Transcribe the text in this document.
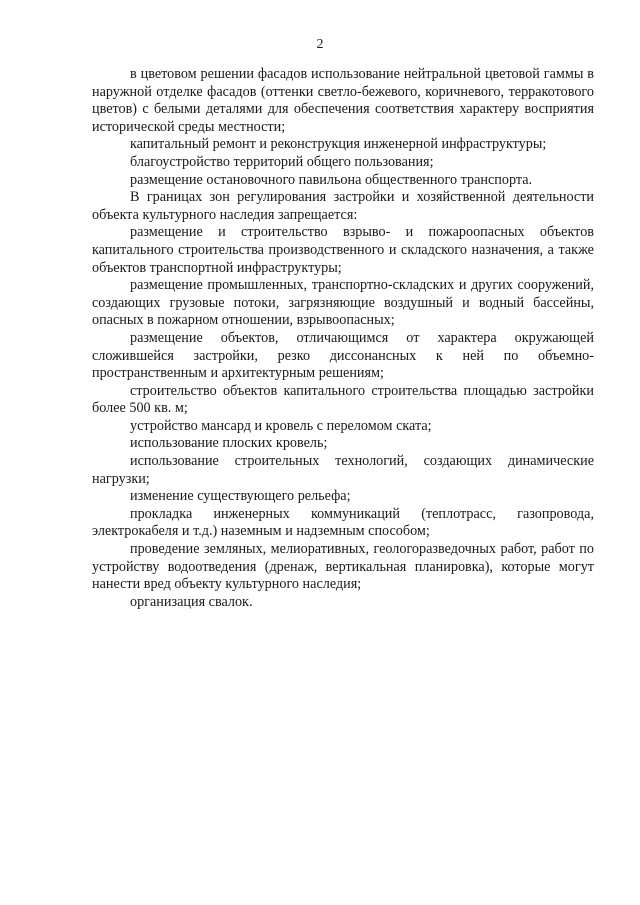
2

в цветовом решении фасадов использование нейтральной цветовой гаммы в наружной отделке фасадов (оттенки светло-бежевого, коричневого, терракотового цветов) с белыми деталями для обеспечения соответствия характеру восприятия исторической среды местности;

капитальный ремонт и реконструкция инженерной инфраструктуры;

благоустройство территорий общего пользования;

размещение остановочного павильона общественного транспорта.

В границах зон регулирования застройки и хозяйственной деятельности объекта культурного наследия запрещается:

размещение и строительство взрыво- и пожароопасных объектов капитального строительства производственного и складского назначения, а также объектов транспортной инфраструктуры;

размещение промышленных, транспортно-складских и других сооружений, создающих грузовые потоки, загрязняющие воздушный и водный бассейны, опасных в пожарном отношении, взрывоопасных;

размещение объектов, отличающимся от характера окружающей сложившейся застройки, резко диссонансных к ней по объемно-пространственным и архитектурным решениям;

строительство объектов капитального строительства площадью застройки более 500 кв. м;

устройство мансард и кровель с переломом ската;

использование плоских кровель;

использование строительных технологий, создающих динамические нагрузки;

изменение существующего рельефа;

прокладка инженерных коммуникаций (теплотрасс, газопровода, электрокабеля и т.д.) наземным и надземным способом;

проведение земляных, мелиоративных, геологоразведочных работ, работ по устройству водоотведения (дренаж, вертикальная планировка), которые могут нанести вред объекту культурного наследия;

организация свалок.
